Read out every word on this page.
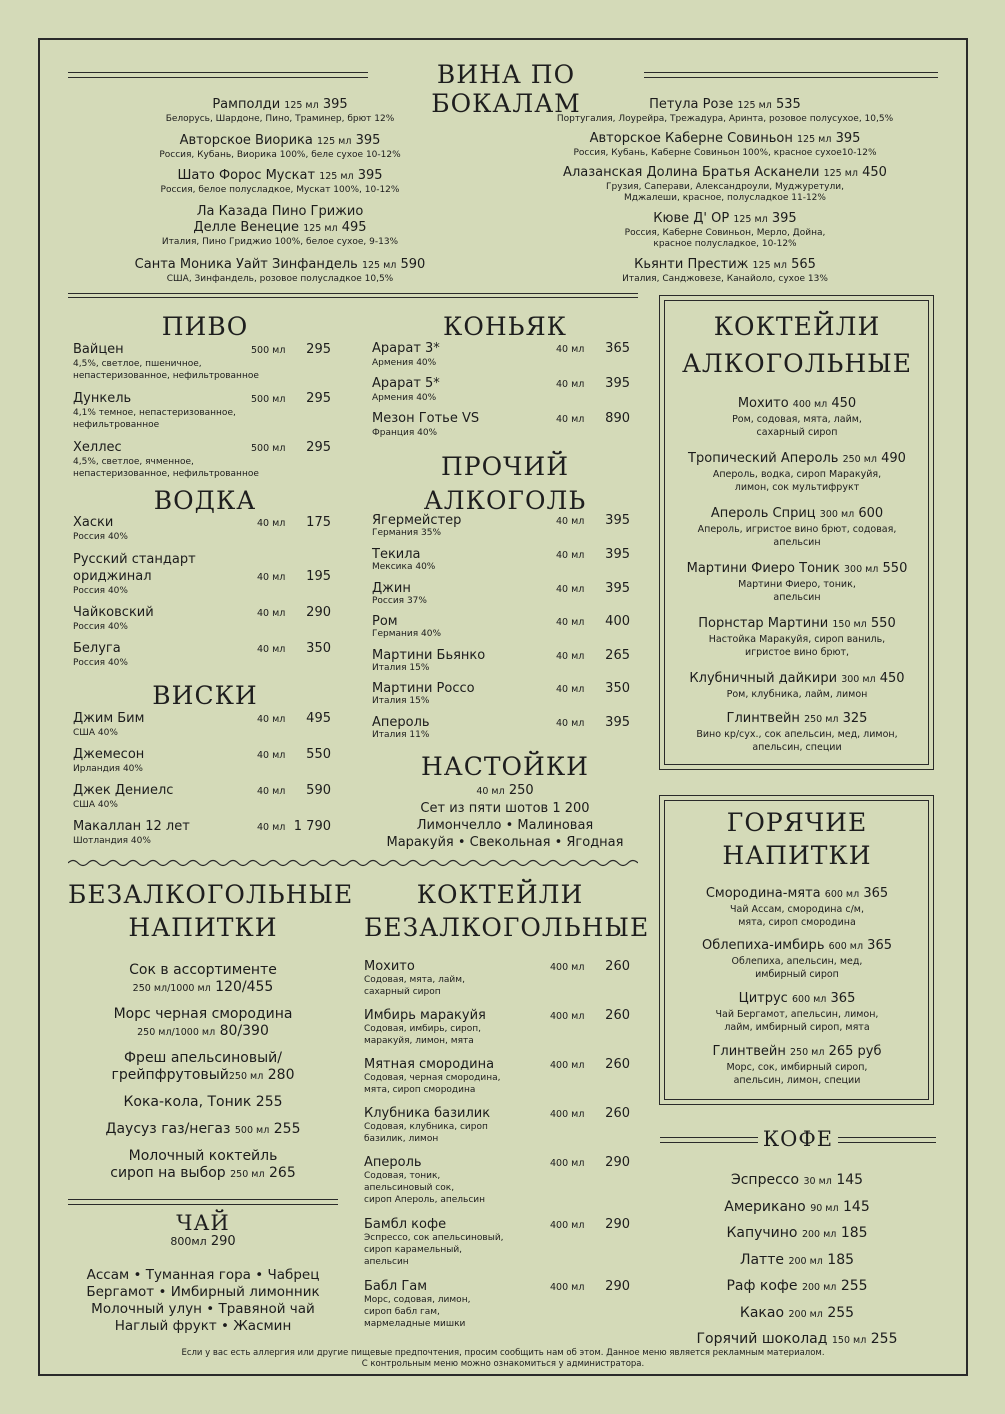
ВИНА ПО БОКАЛАМ
Рамполди 125 мл 395
Белорусь, Шардоне, Пино, Траминер, брют 12%
Авторское Виорика 125 мл 395
Россия, Кубань, Виорика 100%, беле сухое 10-12%
Шато Форос Мускат 125 мл 395
Россия, белое полусладкое, Мускат 100%, 10-12%
Ла Казада Пино Грижио
Делле Венецие 125 мл 495
Италия, Пино Гриджио 100%, белое сухое, 9-13%
Санта Моника Уайт Зинфандель 125 мл 590
США, Зинфандель, розовое полусладкое 10,5%
Петула Розе 125 мл 535
Португалия, Лоурейра, Трежадура, Аринта, розовое полусухое, 10,5%
Авторское Каберне Совиньон 125 мл 395
Россия, Кубань, Каберне Совиньон 100%, красное сухое10-12%
Алазанская Долина Братья Асканели 125 мл 450
Грузия, Саперави, Александроули, Муджуретули,
Мджалеши, красное, полусладкое 11-12%
Кюве Д' ОР 125 мл 395
Россия, Каберне Совиньон, Мерло, Дойна,
красное полусладкое, 10-12%
Кьянти Престиж 125 мл 565
Италия, Санджовезе, Канайоло, сухое 13%
ПИВО
Вайцен	500 мл	295
4,5%, светлое, пшеничное,
непастеризованное, нефильтрованное
Дункель	500 мл	295
4,1% темное, непастеризованное,
нефильтрованное
Хеллес	500 мл	295
4,5%, светлое, ячменное,
непастеризованное, нефильтрованное
ВОДКА
Хаски	40 мл	175
Россия 40%
Русский стандарт
ориджинал	40 мл	195
Россия 40%
Чайковский	40 мл	290
Россия 40%
Белуга	40 мл	350
Россия 40%
ВИСКИ
Джим Бим	40 мл	495
США 40%
Джемесон	40 мл	550
Ирландия 40%
Джек Дениелс	40 мл	590
США 40%
Макаллан 12 лет	40 мл 1 790
Шотландия 40%
КОНЬЯК
Арарат 3*	40 мл	365
Армения 40%
Арарат 5*	40 мл	395
Армения 40%
Мезон Готье VS	40 мл	890
Франция 40%
ПРОЧИЙ
АЛКОГОЛЬ
Ягермейстер	40 мл	395
Германия 35%
Текила	40 мл	395
Мексика 40%
Джин	40 мл	395
Россия 37%
Ром	40 мл	400
Германия 40%
Мартини Бьянко	40 мл	265
Италия 15%
Мартини Россо	40 мл	350
Италия 15%
Апероль	40 мл	395
Италия 11%
НАСТОЙКИ
40 мл 250
Сет из пяти шотов 1 200
Лимончелло • Малиновая
Маракуйя • Свекольная • Ягодная
КОКТЕЙЛИ
АЛКОГОЛЬНЫЕ
Мохито 400 мл 450
Ром, содовая, мята, лайм,
сахарный сироп
Тропический Апероль 250 мл 490
Апероль, водка, сироп Маракуйя,
лимон, сок мультифрукт
Апероль Сприц 300 мл 600
Апероль, игристое вино брют, содовая,
апельсин
Мартини Фиеро Тоник 300 мл 550
Мартини Фиеро, тоник,
апельсин
Порнстар Мартини 150 мл 550
Настойка Маракуйя, сироп ваниль,
игристое вино брют,
Клубничный дайкири 300 мл 450
Ром, клубника, лайм, лимон
Глинтвейн 250 мл 325
Вино кр/сух., сок апельсин, мед, лимон,
апельсин, специи
ГОРЯЧИЕ
НАПИТКИ
Смородина-мята 600 мл 365
Чай Ассам, смородина с/м,
мята, сироп смородина
Облепиха-имбирь 600 мл 365
Облепиха, апельсин, мед,
имбирный сироп
Цитрус 600 мл 365
Чай Бергамот, апельсин, лимон,
лайм, имбирный сироп, мята
Глинтвейн 250 мл 265 руб
Морс, сок, имбирный сироп,
апельсин, лимон, специи
КОФЕ
Эспрессо 30 мл 145
Американо 90 мл 145
Капучино 200 мл 185
Латте 200 мл 185
Раф кофе 200 мл 255
Какао 200 мл 255
Горячий шоколад 150 мл 255
БЕЗАЛКОГОЛЬНЫЕ
НАПИТКИ
Сок в ассортименте
250 мл/1000 мл 120/455
Морс черная смородина
250 мл/1000 мл 80/390
Фреш апельсиновый/
грейпфрутовый250 мл 280
Кока-кола, Тоник 255
Даусуз газ/негаз 500 мл 255
Молочный коктейль
сироп на выбор 250 мл 265
ЧАЙ
800мл 290
Ассам • Туманная гора • Чабрец
Бергамот • Имбирный лимонник
Молочный улун • Травяной чай
Наглый фрукт • Жасмин
КОКТЕЙЛИ
БЕЗАЛКОГОЛЬНЫЕ
Мохито	400 мл	260
Содовая, мята, лайм,
сахарный сироп
Имбирь маракуйя	400 мл	260
Содовая, имбирь, сироп,
маракуйя, лимон, мята
Мятная смородина	400 мл	260
Содовая, черная смородина,
мята, сироп смородина
Клубника базилик	400 мл	260
Содовая, клубника, сироп
базилик, лимон
Апероль	400 мл	290
Содовая, тоник,
апельсиновый сок,
сироп Апероль, апельсин
Бамбл кофе	400 мл	290
Эспрессо, сок апельсиновый,
сироп карамельный,
апельсин
Бабл Гам	400 мл	290
Морс, содовая, лимон,
сироп бабл гам,
мармеладные мишки
Если у вас есть аллергия или другие пищевые предпочтения, просим сообщить нам об этом. Данное меню является рекламным материалом.
С контрольным меню можно ознакомиться у администратора.
